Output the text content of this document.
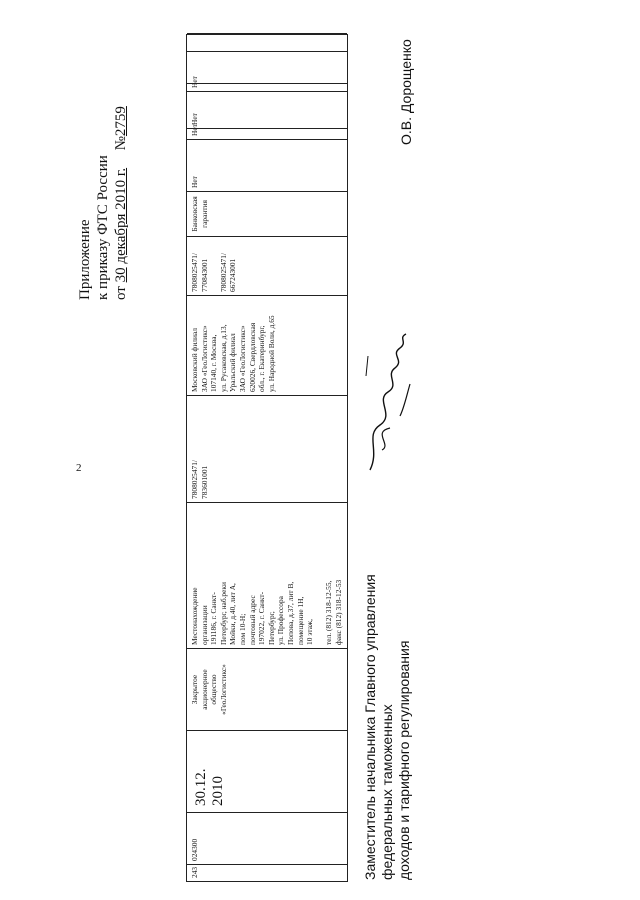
2
Приложение к приказу ФТС России от 30 декабря 2010 г.  №2759
243
024300
30.12.
2010
Закрытое
акционерное
общество
«ГеоЛогистикс»
Местонахождение
организации
191186, г. Санкт-
Петербург, наб.реки
Мойки, д.40, лит А,
пом 10-Н;
почтовый адрес
197022, г. Санкт-
Петербург,
ул. Профессора
Попова, д.37, лит В,
помещение 1Н,
10 этаж,

тел. (812) 318-12-55,
факс (812) 318-12-53
7808025471/
783601001
Московский филиал
ЗАО «ГеоЛогистикс»
107140, г. Москва,
ул. Русаковская, д.13,
Уральский филиал
ЗАО «ГеоЛогистикс»
620026, Свердловская
обл., г. Екатеринбург,
ул. Народной Воли, д.65
7808025471/
770843001

7808025471/
667243001
Банковская
гарантия
Нет
Нет
Нет
Нет
Заместитель начальника Главного управления федеральных таможенных доходов и тарифного регулирования
О.В. Дорощенко
